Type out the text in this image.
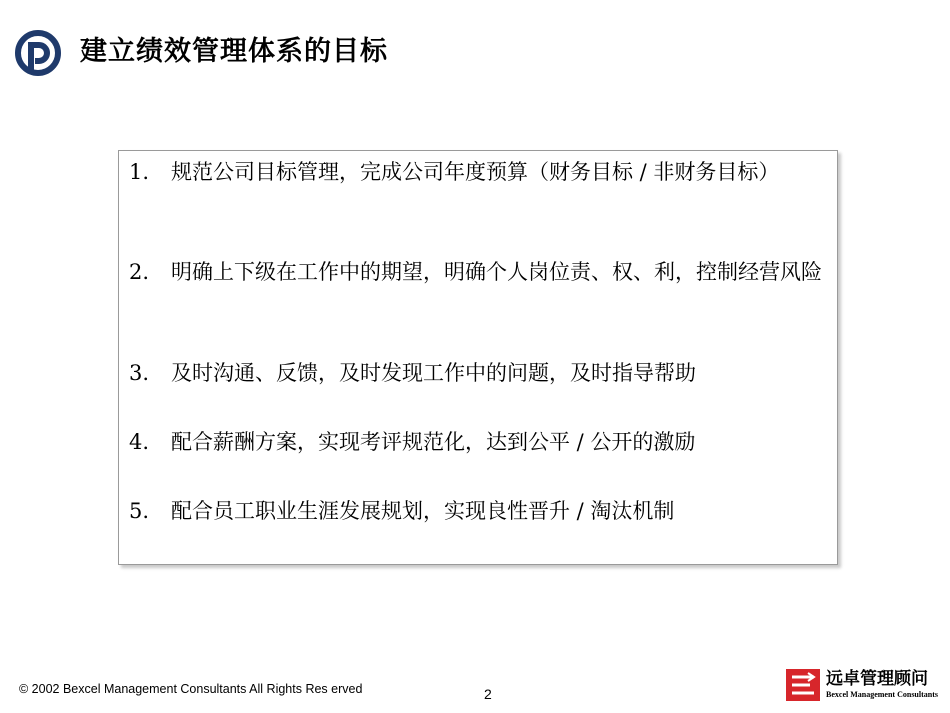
建立绩效管理体系的目标
1.	规范公司目标管理，完成公司年度预算（财务目标 / 非财务目标）
2.	明确上下级在工作中的期望，明确个人岗位责、权、利，控制经营风险
3.	及时沟通、反馈，及时发现工作中的问题，及时指导帮助
4.	配合薪酬方案，实现考评规范化，达到公平 / 公开的激励
5.	配合员工职业生涯发展规划，实现良性晋升 / 淘汰机制
© 2002 Bexcel Management Consultants All Rights Res erved	2
远卓管理顾问
Bexcel Management Consultants
